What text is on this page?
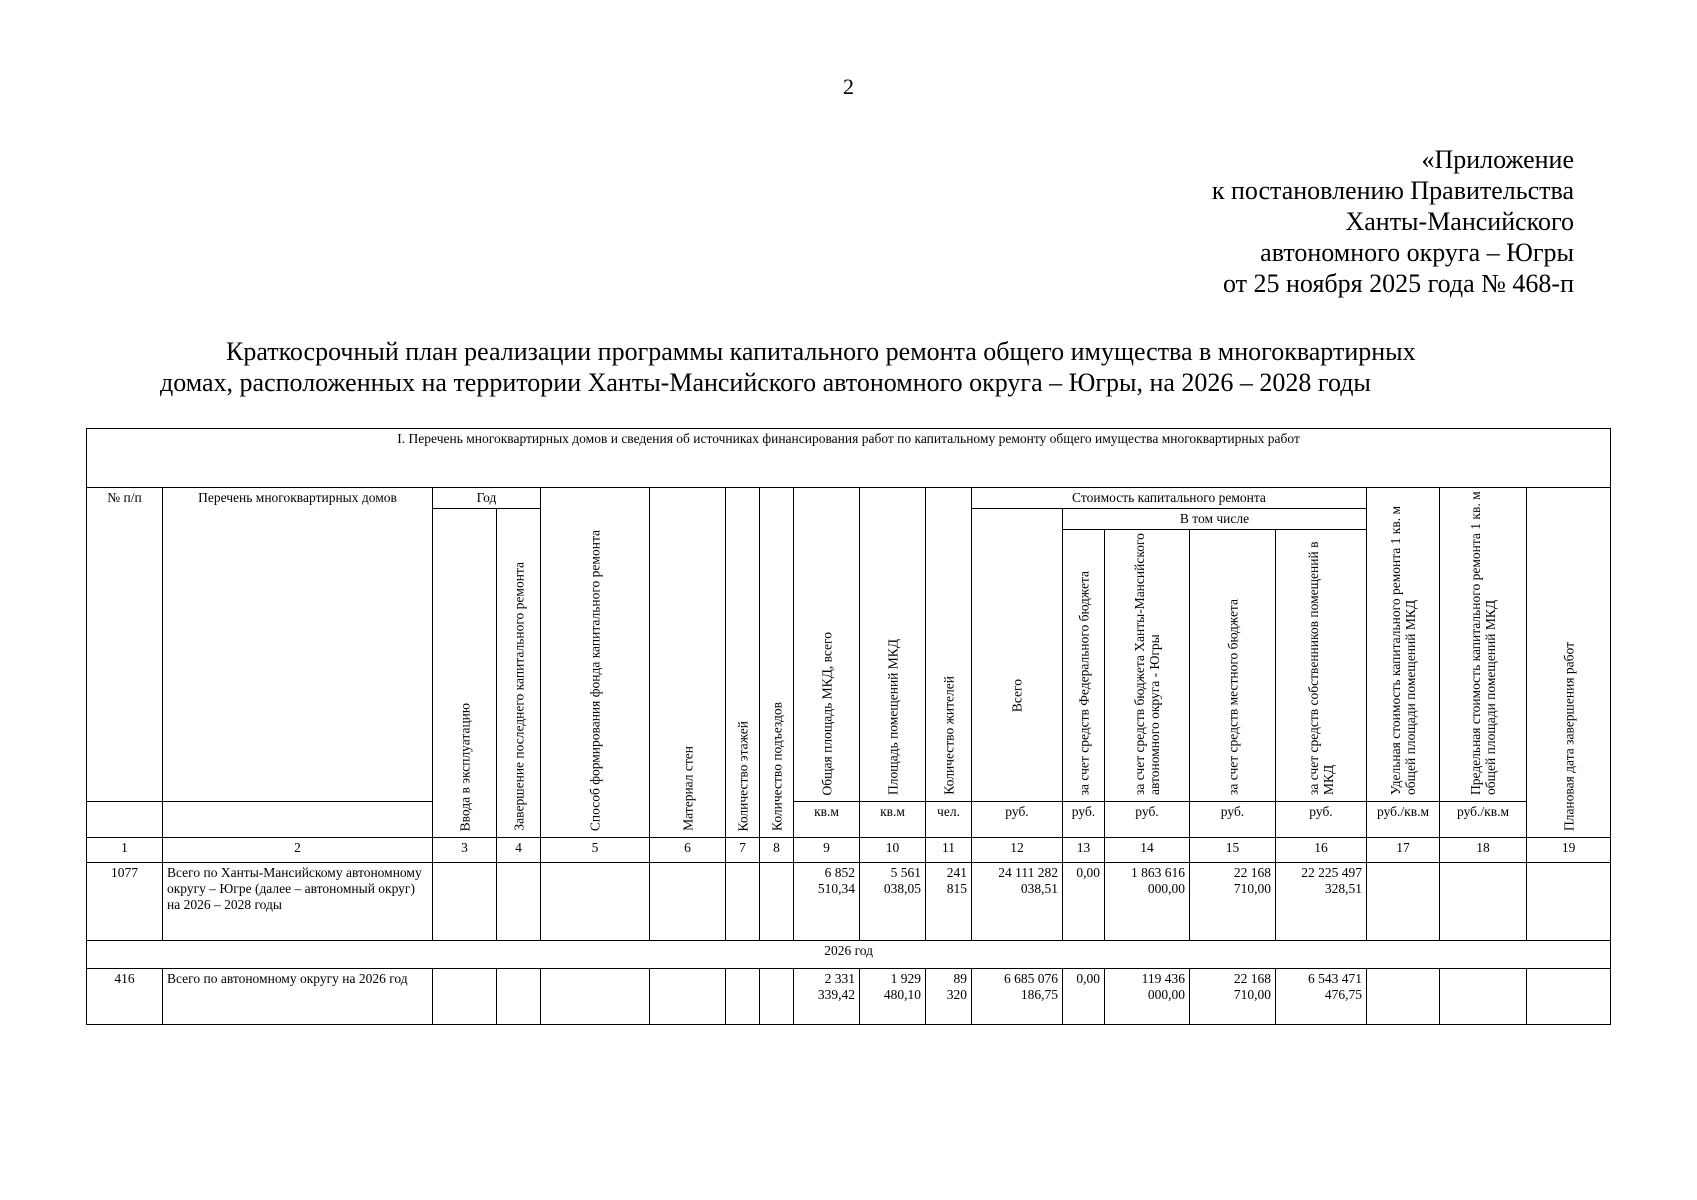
2
«Приложение
к постановлению Правительства
Ханты-Мансийского
автономного округа – Югры
от 25 ноября 2025 года № 468-п
Краткосрочный план реализации программы капитального ремонта общего имущества в многоквартирных
домах, расположенных на территории Ханты-Мансийского автономного округа – Югры, на 2026 – 2028 годы
I. Перечень многоквартирных домов и сведения об источниках финансирования работ по капитальному ремонту общего имущества многоквартирных работ																		
№ п/п	Перечень многоквартирных домов	Год		Способ формирования фонда капитального ремонта	Материал стен	Количество этажей	Количество подъездов	Общая площадь МКД, всего	Площадь помещений МКД	Количество жителей	Стоимость капитального ремонта					Удельная стоимость капитального ремонта 1 кв. м общей площади помещений МКД	Предельная стоимость капитального ремонта 1 кв. м общей площади помещений МКД	Плановая дата завершения работ

		Ввода в эксплуатацию	Завершение последнего капитального ремонта								Всего	В том числе						

												за счет средств Федерального бюджета	за счет средств бюджета Ханты-Мансийского автономного округа - Югры	за счет средств местного бюджета	за счет средств собственников помещений в МКД			

								кв.м	кв.м	чел.	руб.	руб.	руб.	руб.	руб.	руб./кв.м	руб./кв.м	
1	2	3	4	5	6	7	8	9	10	11	12	13	14	15	16	17	18	19
1077	Всего по Ханты-Мансийскому автономному округу – Югре (далее – автономный округ) на 2026 – 2028 годы							6 852 510,34	5 561 038,05	241 815	24 111 282 038,51	0,00	1 863 616 000,00	22 168 710,00	22 225 497 328,51			
2026 год																		
416	Всего по автономному округу на 2026 год							2 331 339,42	1 929 480,10	89 320	6 685 076 186,75	0,00	119 436 000,00	22 168 710,00	6 543 471 476,75			
